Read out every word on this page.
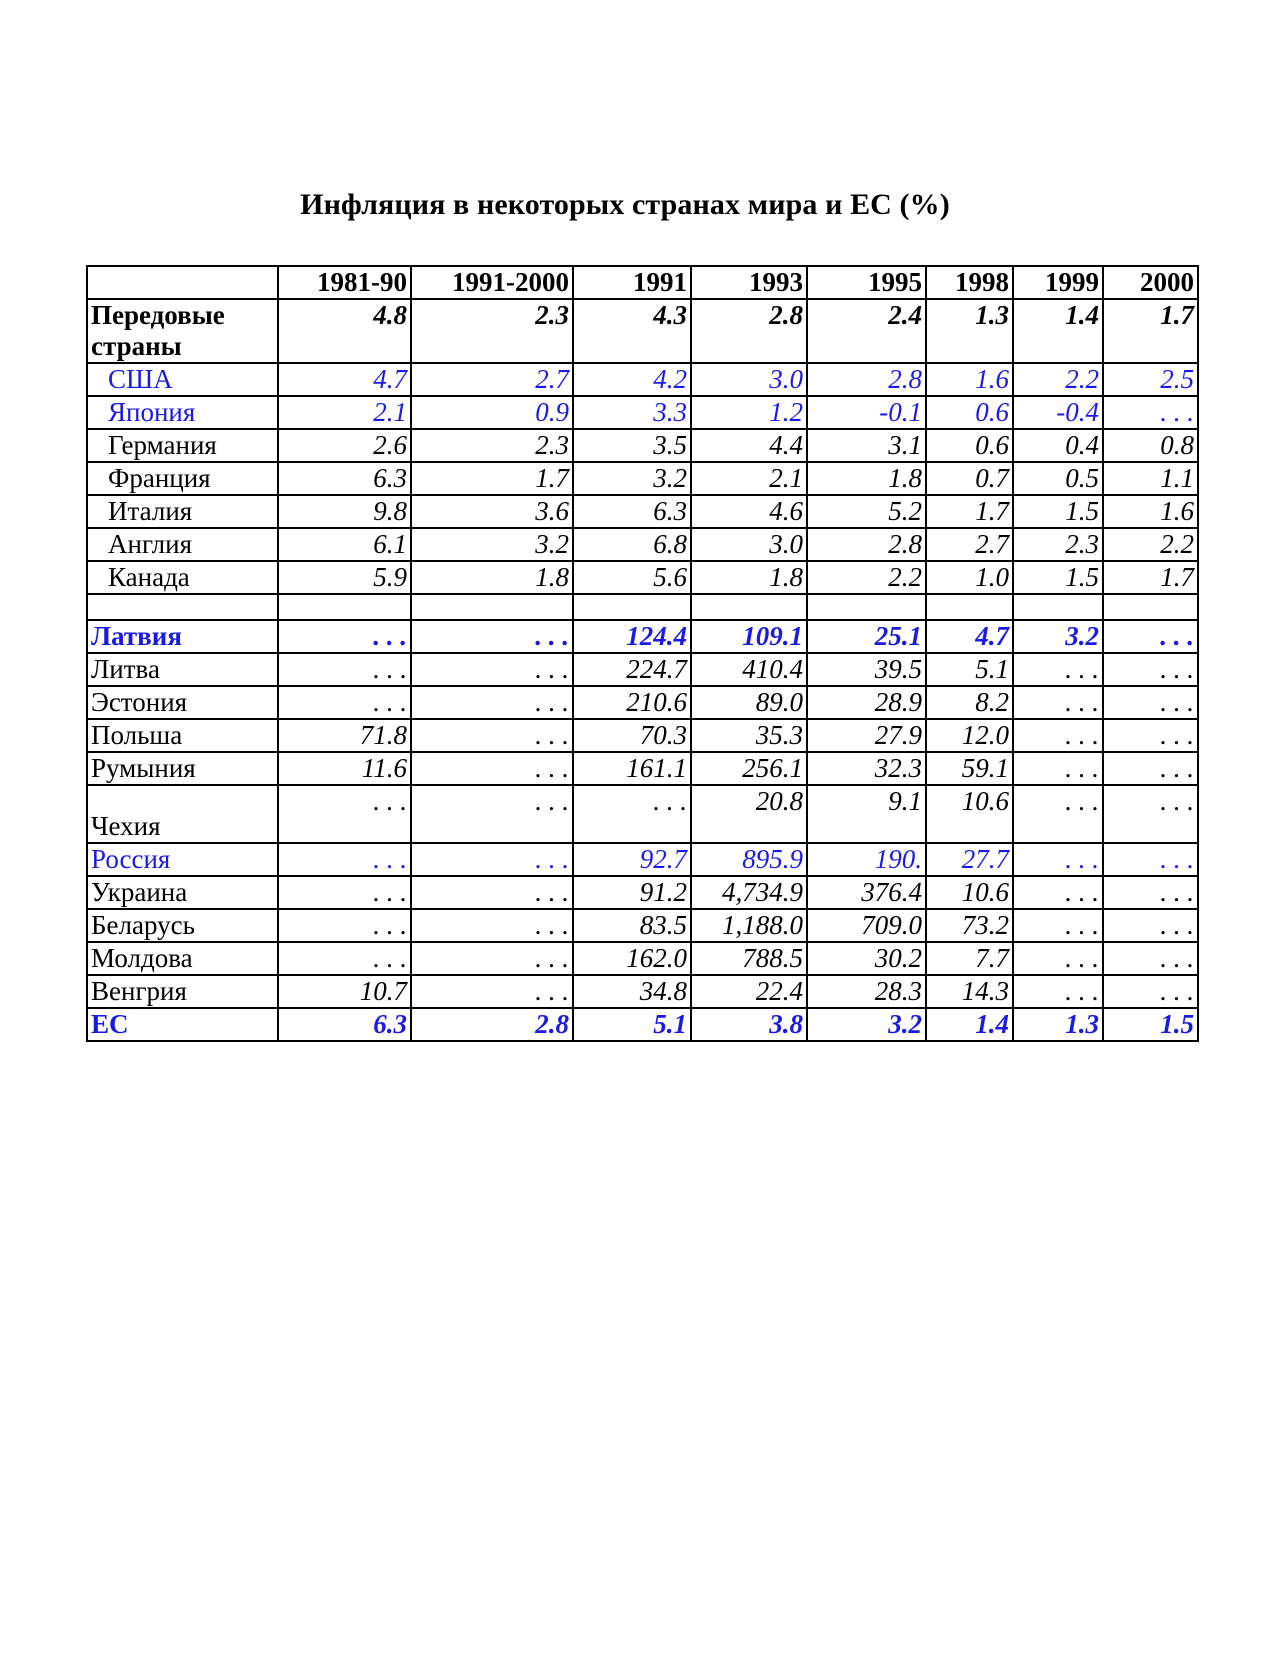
Инфляция в некоторых странах мира и ЕС (%)
	1981-90	1991-2000	1991	1993	1995	1998	1999	2000
Передовые страны	4.8	2.3	4.3	2.8	2.4	1.3	1.4	1.7
США	4.7	2.7	4.2	3.0	2.8	1.6	2.2	2.5
Япония	2.1	0.9	3.3	1.2	-0.1	0.6	-0.4	. . .
Германия	2.6	2.3	3.5	4.4	3.1	0.6	0.4	0.8
Франция	6.3	1.7	3.2	2.1	1.8	0.7	0.5	1.1
Италия	9.8	3.6	6.3	4.6	5.2	1.7	1.5	1.6
Англия	6.1	3.2	6.8	3.0	2.8	2.7	2.3	2.2
Канада	5.9	1.8	5.6	1.8	2.2	1.0	1.5	1.7

Латвия	. . .	. . .	124.4	109.1	25.1	4.7	3.2	. . .
Литва	. . .	. . .	224.7	410.4	39.5	5.1	. . .	. . .
Эстония	. . .	. . .	210.6	89.0	28.9	8.2	. . .	. . .
Польша	71.8	. . .	70.3	35.3	27.9	12.0	. . .	. . .
Румыния	11.6	. . .	161.1	256.1	32.3	59.1	. . .	. . .
Чехия	. . .	. . .	. . .	20.8	9.1	10.6	. . .	. . .
Россия	. . .	. . .	92.7	895.9	190.	27.7	. . .	. . .
Украина	. . .	. . .	91.2	4,734.9	376.4	10.6	. . .	. . .
Беларусь	. . .	. . .	83.5	1,188.0	709.0	73.2	. . .	. . .
Молдова	. . .	. . .	162.0	788.5	30.2	7.7	. . .	. . .
Венгрия	10.7	. . .	34.8	22.4	28.3	14.3	. . .	. . .
ЕС	6.3	2.8	5.1	3.8	3.2	1.4	1.3	1.5
